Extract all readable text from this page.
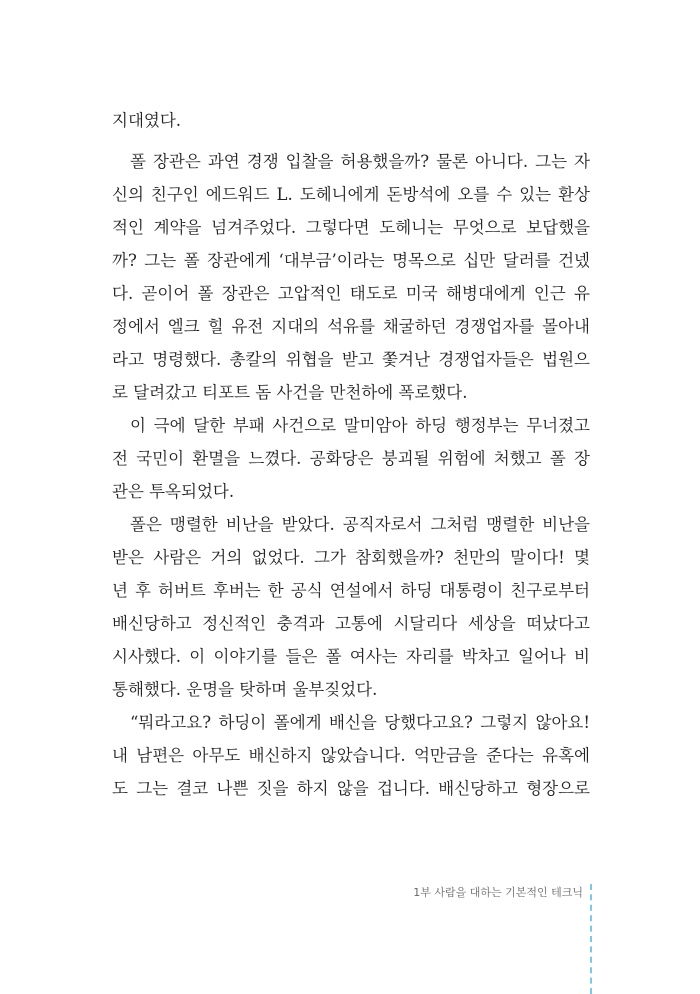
지대였다.
폴 장관은 과연 경쟁 입찰을 허용했을까? 물론 아니다. 그는 자
신의 친구인 에드워드 L. 도헤니에게 돈방석에 오를 수 있는 환상
적인 계약을 넘겨주었다. 그렇다면 도헤니는 무엇으로 보답했을
까? 그는 폴 장관에게 ‘대부금’이라는 명목으로 십만 달러를 건넸
다. 곧이어 폴 장관은 고압적인 태도로 미국 해병대에게 인근 유
정에서 엘크 힐 유전 지대의 석유를 채굴하던 경쟁업자를 몰아내
라고 명령했다. 총칼의 위협을 받고 쫓겨난 경쟁업자들은 법원으
로 달려갔고 티포트 돔 사건을 만천하에 폭로했다.
이 극에 달한 부패 사건으로 말미암아 하딩 행정부는 무너졌고
전 국민이 환멸을 느꼈다. 공화당은 붕괴될 위험에 처했고 폴 장
관은 투옥되었다.
폴은 맹렬한 비난을 받았다. 공직자로서 그처럼 맹렬한 비난을
받은 사람은 거의 없었다. 그가 참회했을까? 천만의 말이다! 몇
년 후 허버트 후버는 한 공식 연설에서 하딩 대통령이 친구로부터
배신당하고 정신적인 충격과 고통에 시달리다 세상을 떠났다고
시사했다. 이 이야기를 들은 폴 여사는 자리를 박차고 일어나 비
통해했다. 운명을 탓하며 울부짖었다.
“뭐라고요? 하딩이 폴에게 배신을 당했다고요? 그렇지 않아요!
내 남편은 아무도 배신하지 않았습니다. 억만금을 준다는 유혹에
도 그는 결코 나쁜 짓을 하지 않을 겁니다. 배신당하고 형장으로
1부 사람을 대하는 기본적인 테크닉
